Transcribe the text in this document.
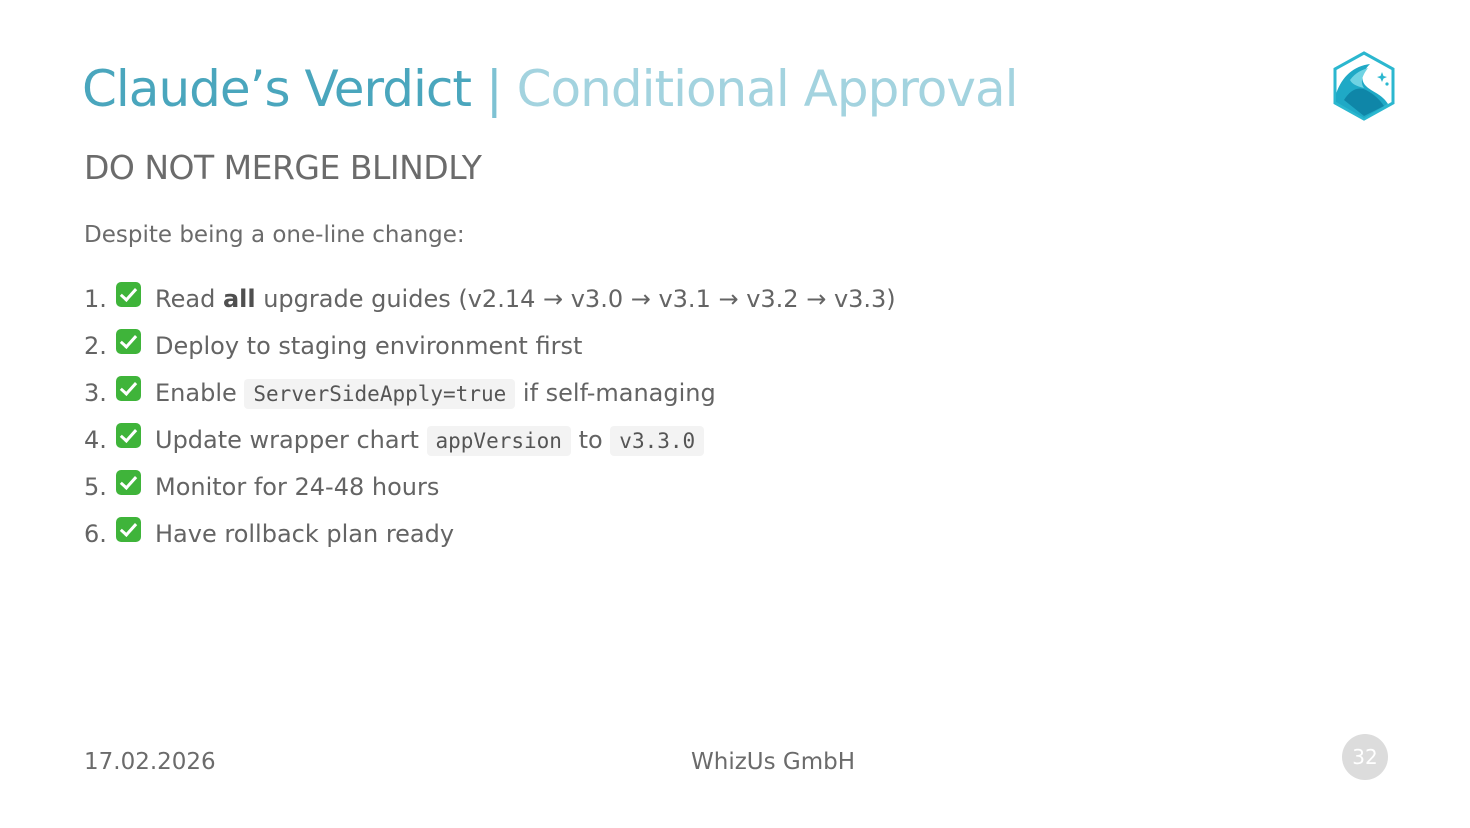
Claude’s Verdict | Conditional Approval
DO NOT MERGE BLINDLY

Despite being a one-line change:

1. Read all upgrade guides (v2.14 → v3.0 → v3.1 → v3.2 → v3.3)
2. Deploy to staging environment first
3. Enable ServerSideApply=true if self-managing
4. Update wrapper chart appVersion to v3.3.0
5. Monitor for 24-48 hours
6. Have rollback plan ready
17.02.2026	WhizUs GmbH	32
